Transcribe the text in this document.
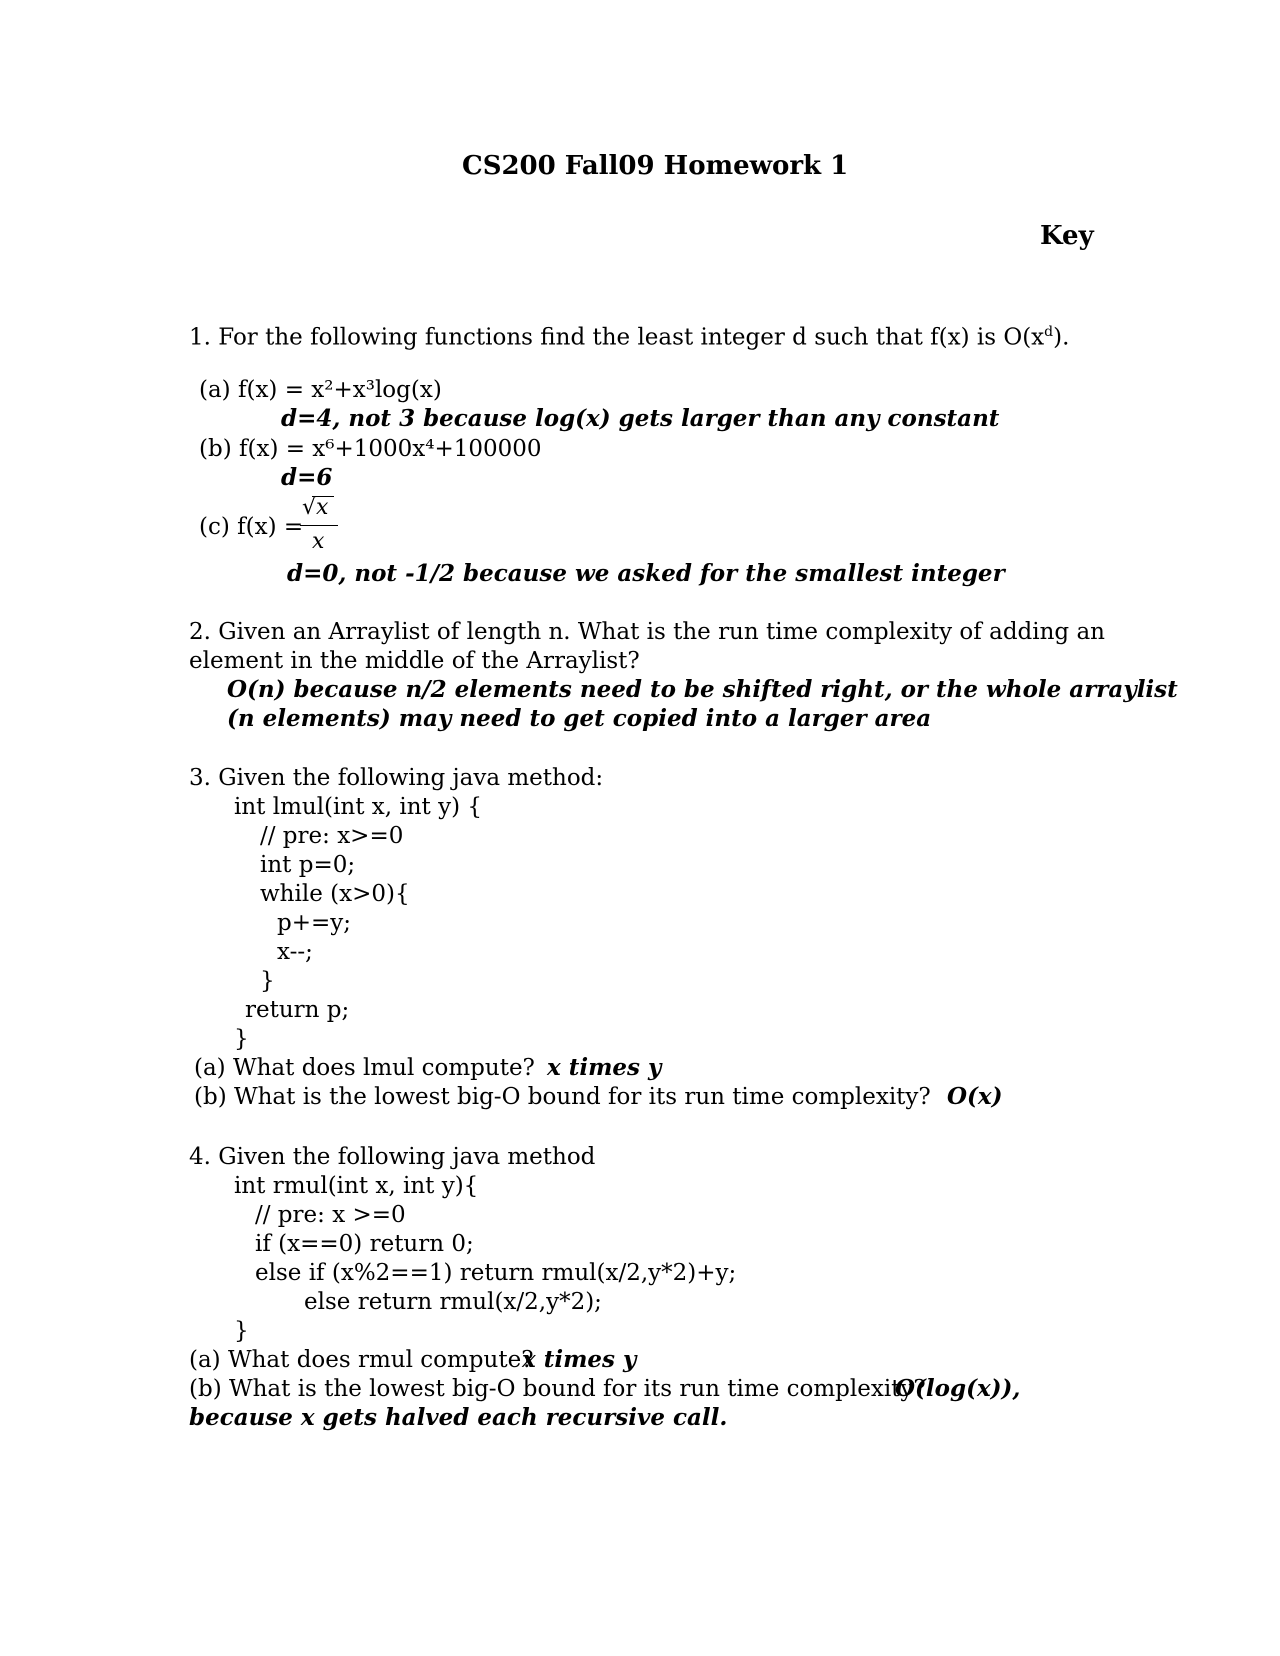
CS200 Fall09 Homework 1
Key
1. For the following functions find the least integer d such that f(x) is $O(x^d)$.
(a) f(x) = x²+x³log(x)
d=4, not 3 because log(x) gets larger than any constant
(b) f(x) = x⁶+1000x⁴+100000
d=6
(c) f(x) =
√x
x
d=0, not -1/2 because we asked for the smallest integer
2. Given an Arraylist of length n. What is the run time complexity of adding an
element in the middle of the Arraylist?
O(n) because n/2 elements need to be shifted right, or the whole arraylist
(n elements) may need to get copied into a larger area
3. Given the following java method:
int lmul(int x, int y) {
// pre: x>=0
int p=0;
while (x>0){
p+=y;
x--;
}
return p;
}
(a) What does lmul compute? x times y
(b) What is the lowest big-O bound for its run time complexity? O(x)
4. Given the following java method
int rmul(int x, int y){
// pre: x >=0
if (x==0) return 0;
else if (x%2==1) return rmul(x/2,y*2)+y;
else return rmul(x/2,y*2);
}
(a) What does rmul compute?
x times y
(b) What is the lowest big-O bound for its run time complexity?
O(log(x)),
because x gets halved each recursive call.
